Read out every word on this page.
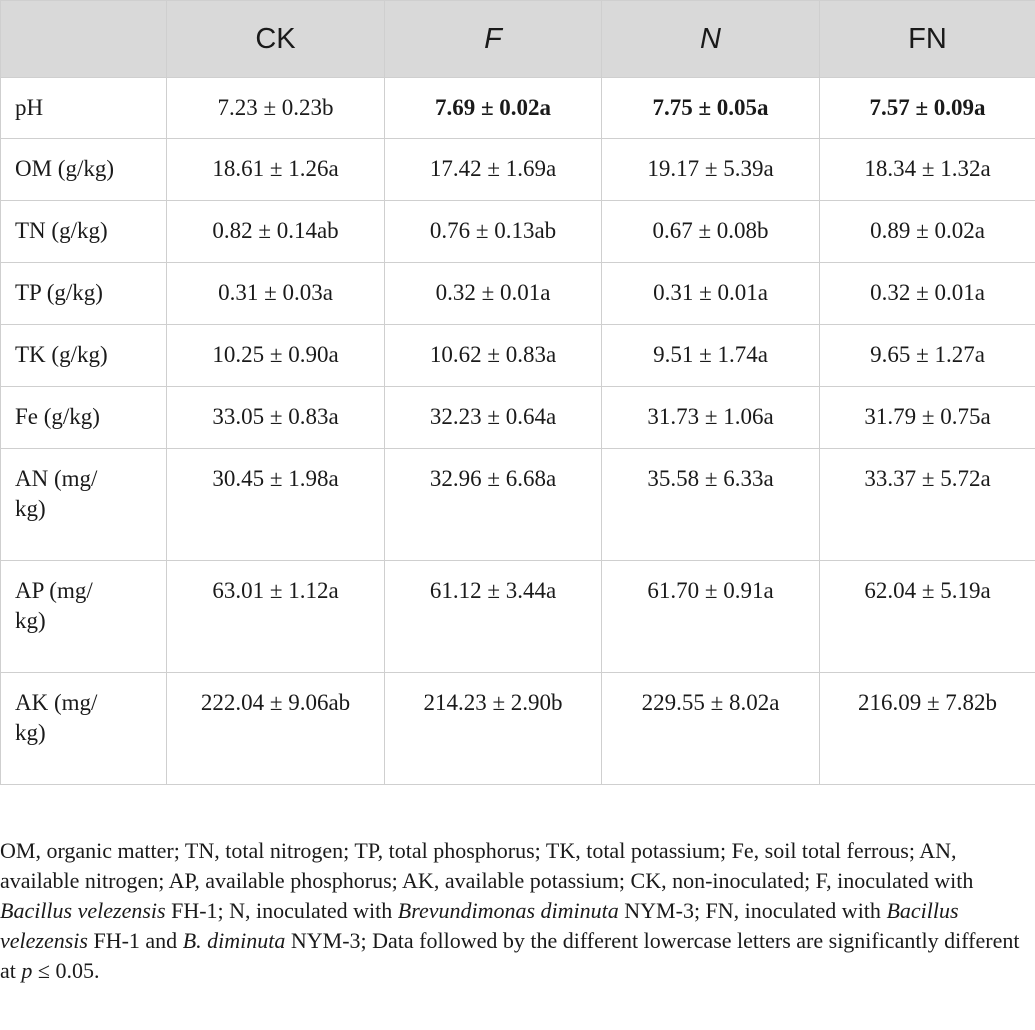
	CK	F	N	FN
pH	7.23 ± 0.23b	7.69 ± 0.02a	7.75 ± 0.05a	7.57 ± 0.09a
OM (g/kg)	18.61 ± 1.26a	17.42 ± 1.69a	19.17 ± 5.39a	18.34 ± 1.32a
TN (g/kg)	0.82 ± 0.14ab	0.76 ± 0.13ab	0.67 ± 0.08b	0.89 ± 0.02a
TP (g/kg)	0.31 ± 0.03a	0.32 ± 0.01a	0.31 ± 0.01a	0.32 ± 0.01a
TK (g/kg)	10.25 ± 0.90a	10.62 ± 0.83a	9.51 ± 1.74a	9.65 ± 1.27a
Fe (g/kg)	33.05 ± 0.83a	32.23 ± 0.64a	31.73 ± 1.06a	31.79 ± 0.75a
AN (mg/
kg)	30.45 ± 1.98a	32.96 ± 6.68a	35.58 ± 6.33a	33.37 ± 5.72a
AP (mg/
kg)	63.01 ± 1.12a	61.12 ± 3.44a	61.70 ± 0.91a	62.04 ± 5.19a
AK (mg/
kg)	222.04 ± 9.06ab	214.23 ± 2.90b	229.55 ± 8.02a	216.09 ± 7.82b

OM, organic matter; TN, total nitrogen; TP, total phosphorus; TK, total potassium; Fe, soil total ferrous; AN, available nitrogen; AP, available phosphorus; AK, available potassium; CK, non-inoculated; F, inoculated with Bacillus velezensis FH-1; N, inoculated with Brevundimonas diminuta NYM-3; FN, inoculated with Bacillus velezensis FH-1 and B. diminuta NYM-3; Data followed by the different lowercase letters are significantly different at p ≤ 0.05.
